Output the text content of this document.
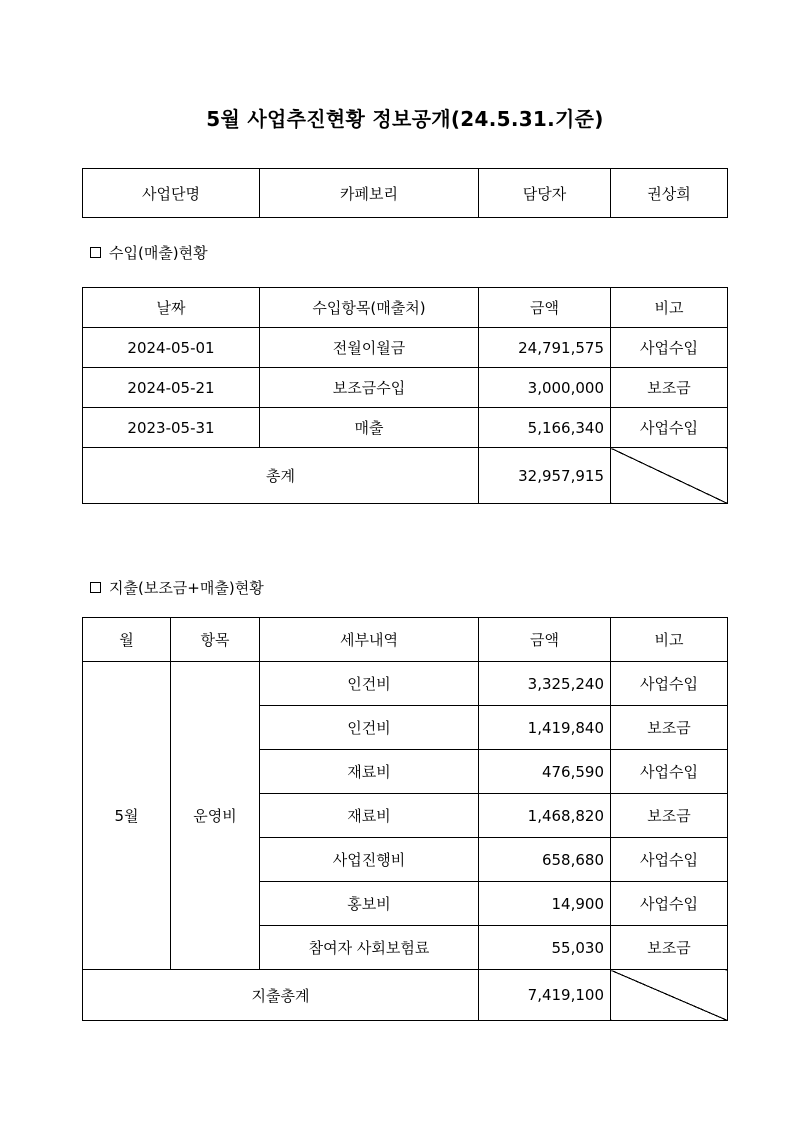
5월 사업추진현황 정보공개(24.5.31.기준)
사업단명	카페보리	담당자	권상희
수입(매출)현황
날짜	수입항목(매출처)	금액	비고
2024-05-01	전월이월금	24,791,575	사업수입
2024-05-21	보조금수입	3,000,000	보조금
2023-05-31	매출	5,166,340	사업수입
총계		32,957,915	
지출(보조금+매출)현황
월	항목	세부내역	금액	비고
5월	운영비	인건비	3,325,240	사업수입
		인건비	1,419,840	보조금
		재료비	476,590	사업수입
		재료비	1,468,820	보조금
		사업진행비	658,680	사업수입
		홍보비	14,900	사업수입
		참여자 사회보험료	55,030	보조금
지출총계			7,419,100	
